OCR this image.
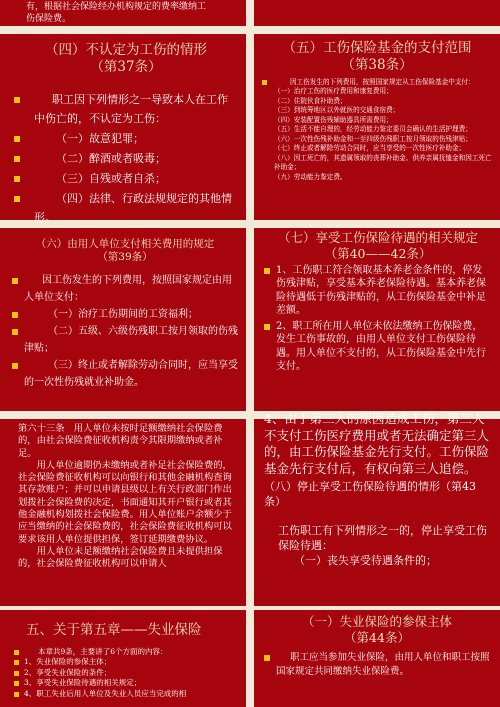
有，根据社会保险经办机构规定的费率缴纳工
伤保险费。
（四）不认定为工伤的情形
（第37条）
职工因下列情形之一导致本人在工作中伤亡的，不认定为工伤：
（一）故意犯罪；
（二）醉酒或者吸毒；
（三）自残或者自杀；
（四）法律、行政法规规定的其他情形。
（五）工伤保险基金的支付范围
（第38条）
因工伤发生的下列费用，按照国家规定从工伤保险基金中支付：
（一）治疗工伤的医疗费用和康复费用；
（二）住院伙食补助费；
（三）到统筹地区以外就医的交通食宿费；
（四）安装配置伤残辅助器具所需费用；
（五）生活不能自理的，经劳动能力鉴定委员会确认的生活护理费；
（六）一次性伤残补助金和一至四级伤残职工按月领取的伤残津贴；
（七）终止或者解除劳动合同时，应当享受的一次性医疗补助金；
（八）因工死亡的，其遗属领取的丧葬补助金、供养亲属抚恤金和因工死亡补助金；
（九）劳动能力鉴定费。
（六）由用人单位支付相关费用的规定
（第39条）
因工伤发生的下列费用，按照国家规定由用人单位支付：
（一）治疗工伤期间的工资福利；
（二）五级、六级伤残职工按月领取的伤残津贴；
（三）终止或者解除劳动合同时，应当享受的一次性伤残就业补助金。
（七）享受工伤保险待遇的相关规定
（第40——42条）
1、工伤职工符合领取基本养老金条件的，停发伤残津贴，享受基本养老保险待遇。基本养老保险待遇低于伤残津贴的，从工伤保险基金中补足差额。
2、职工所在用人单位未依法缴纳工伤保险费，发生工伤事故的，由用人单位支付工伤保险待遇。用人单位不支付的，从工伤保险基金中先行支付。
第六十三条　用人单位未按时足额缴纳社会保险费的，由社会保险费征收机构责令其限期缴纳或者补足。
用人单位逾期仍未缴纳或者补足社会保险费的，社会保险费征收机构可以向银行和其他金融机构查询其存款账户；并可以申请县级以上有关行政部门作出划拨社会保险费的决定，书面通知其开户银行或者其他金融机构划拨社会保险费。用人单位账户余额少于应当缴纳的社会保险费的，社会保险费征收机构可以要求该用人单位提供担保，签订延期缴费协议。
用人单位未足额缴纳社会保险费且未提供担保的，社会保险费征收机构可以申请人
4、由于第三人的原因造成工伤，第三人不支付工伤医疗费用或者无法确定第三人的，由工伤保险基金先行支付。工伤保险基金先行支付后，有权向第三人追偿。
（八）停止享受工伤保险待遇的情形（第43条）
工伤职工有下列情形之一的，停止享受工伤保险待遇：
（一）丧失享受待遇条件的；
五、关于第五章——失业保险
本章共9条，主要讲了6个方面的内容：
1、失业保险的参保主体；
2、享受失业保险的条件；
3、享受失业保险待遇的相关规定；
4、职工失业后用人单位及失业人员应当完成的相
（一）失业保险的参保主体
（第44条）
职工应当参加失业保险，由用人单位和职工按照国家规定共同缴纳失业保险费。
